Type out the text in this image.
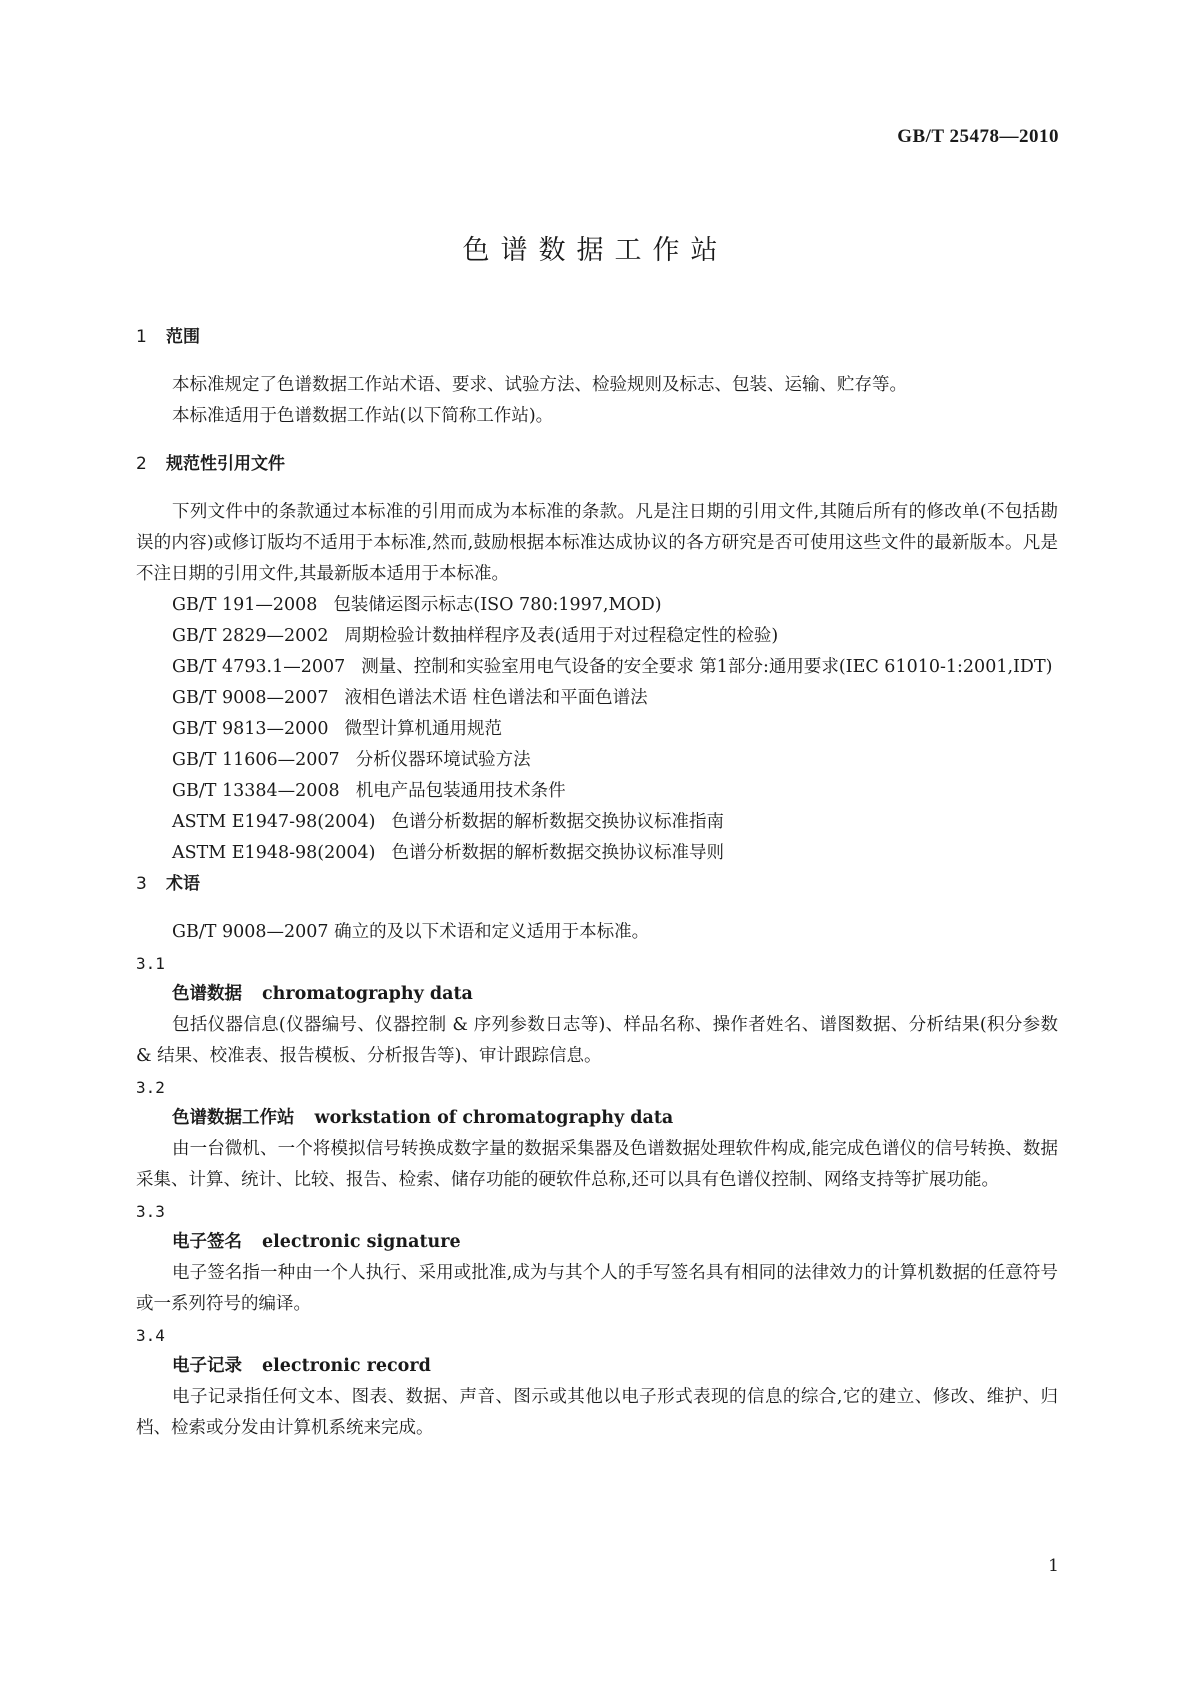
GB/T 25478—2010
色谱数据工作站
1 范围

本标准规定了色谱数据工作站术语、要求、试验方法、检验规则及标志、包装、运输、贮存等。

本标准适用于色谱数据工作站(以下简称工作站)。

2 规范性引用文件

下列文件中的条款通过本标准的引用而成为本标准的条款。凡是注日期的引用文件,其随后所有的修改单(不包括勘误的内容)或修订版均不适用于本标准,然而,鼓励根据本标准达成协议的各方研究是否可使用这些文件的最新版本。凡是不注日期的引用文件,其最新版本适用于本标准。

GB/T 191—2008 包装储运图示标志(ISO 780:1997,MOD)

GB/T 2829—2002 周期检验计数抽样程序及表(适用于对过程稳定性的检验)

GB/T 4793.1—2007 测量、控制和实验室用电气设备的安全要求 第1部分:通用要求(IEC 61010-1:2001,IDT)

GB/T 9008—2007 液相色谱法术语 柱色谱法和平面色谱法

GB/T 9813—2000 微型计算机通用规范

GB/T 11606—2007 分析仪器环境试验方法

GB/T 13384—2008 机电产品包装通用技术条件

ASTM E1947-98(2004) 色谱分析数据的解析数据交换协议标准指南

ASTM E1948-98(2004) 色谱分析数据的解析数据交换协议标准导则

3 术语

GB/T 9008—2007 确立的及以下术语和定义适用于本标准。

3.1

色谱数据 chromatography data

包括仪器信息(仪器编号、仪器控制 & 序列参数日志等)、样品名称、操作者姓名、谱图数据、分析结果(积分参数 & 结果、校准表、报告模板、分析报告等)、审计跟踪信息。

3.2

色谱数据工作站 workstation of chromatography data

由一台微机、一个将模拟信号转换成数字量的数据采集器及色谱数据处理软件构成,能完成色谱仪的信号转换、数据采集、计算、统计、比较、报告、检索、储存功能的硬软件总称,还可以具有色谱仪控制、网络支持等扩展功能。

3.3

电子签名 electronic signature

电子签名指一种由一个人执行、采用或批准,成为与其个人的手写签名具有相同的法律效力的计算机数据的任意符号或一系列符号的编译。

3.4

电子记录 electronic record

电子记录指任何文本、图表、数据、声音、图示或其他以电子形式表现的信息的综合,它的建立、修改、维护、归档、检索或分发由计算机系统来完成。

1
